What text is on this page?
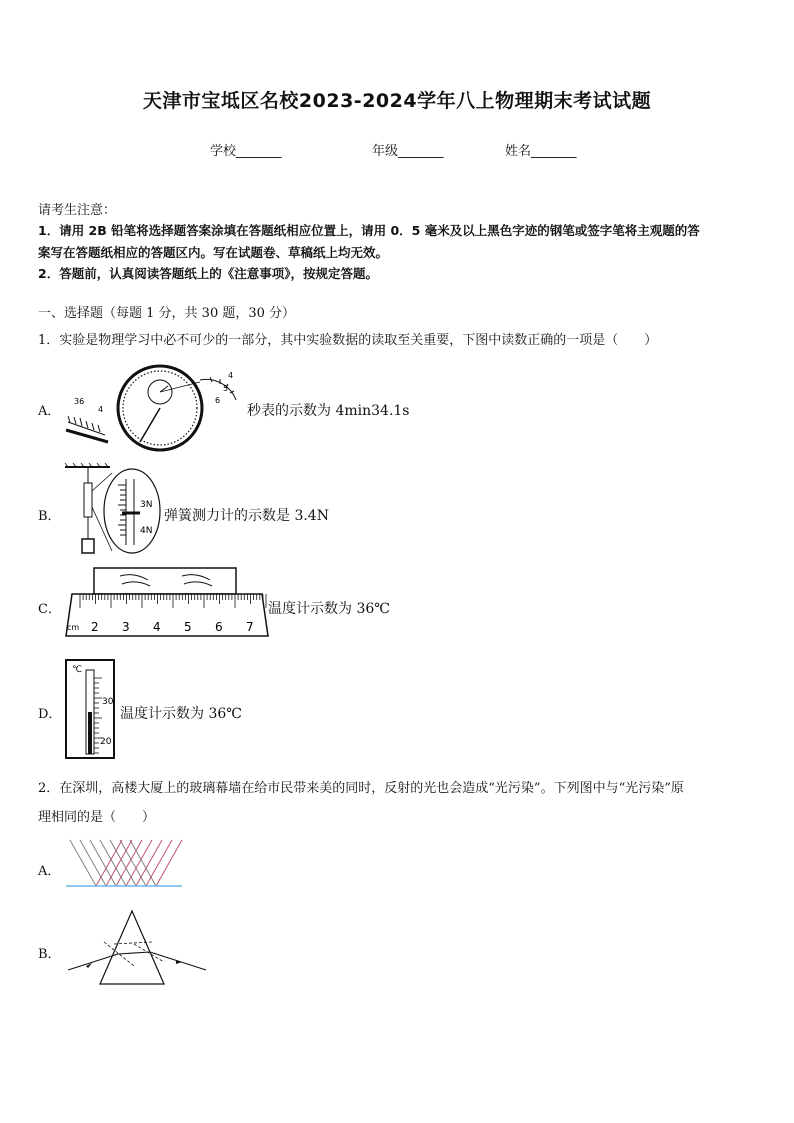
天津市宝坻区名校2023-2024学年八上物理期末考试试题
学校_______	年级_______	姓名_______
请考生注意：
1．请用 2B 铅笔将选择题答案涂填在答题纸相应位置上，请用 0．5 毫米及以上黑色字迹的钢笔或签字笔将主观题的答
案写在答题纸相应的答题区内。写在试题卷、草稿纸上均无效。
2．答题前，认真阅读答题纸上的《注意事项》，按规定答题。
一、选择题（每题 1 分，共 30 题，30 分）
1．实验是物理学习中必不可少的一部分，其中实验数据的读取至关重要，下图中读数正确的一项是（　　）
A．
36
4
4
5
6
秒表的示数为 4min34.1s
B．
3N
4N
弹簧测力计的示数是 3.4N
C．
cm 2 3 4 5 6 7
温度计示数为 36℃
D．
℃
30
20
温度计示数为 36℃
2．在深圳，高楼大厦上的玻璃幕墙在给市民带来美的同时，反射的光也会造成“光污染”。下列图中与“光污染”原
理相同的是（　　）
A．
B．
